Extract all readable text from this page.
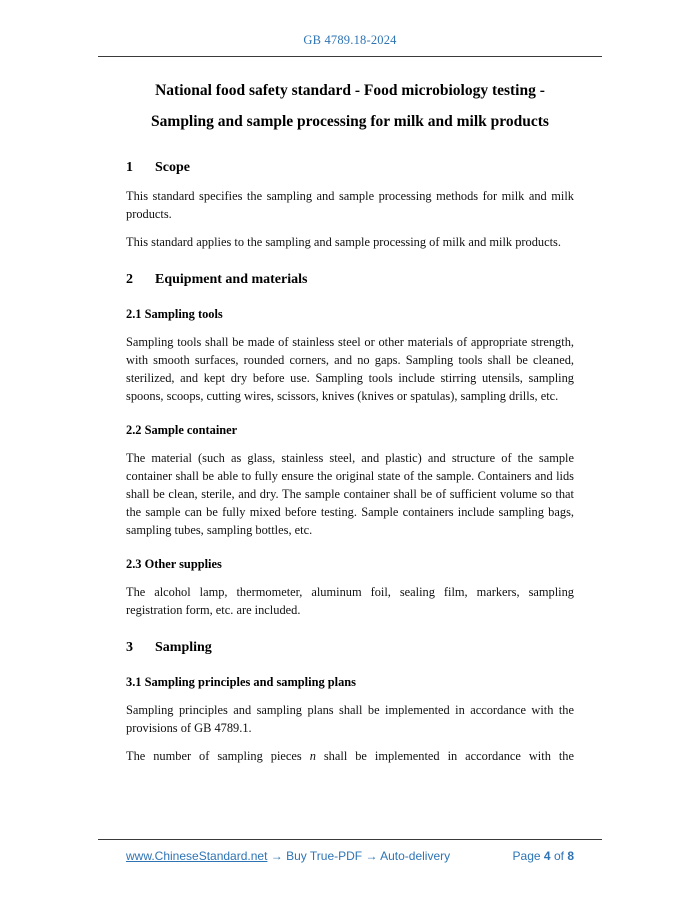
GB 4789.18-2024
National food safety standard - Food microbiology testing -
Sampling and sample processing for milk and milk products
1 Scope

This standard specifies the sampling and sample processing methods for milk and milk products.

This standard applies to the sampling and sample processing of milk and milk products.

2 Equipment and materials
2.1 Sampling tools

Sampling tools shall be made of stainless steel or other materials of appropriate strength, with smooth surfaces, rounded corners, and no gaps. Sampling tools shall be cleaned, sterilized, and kept dry before use. Sampling tools include stirring utensils, sampling spoons, scoops, cutting wires, scissors, knives (knives or spatulas), sampling drills, etc.

2.2 Sample container

The material (such as glass, stainless steel, and plastic) and structure of the sample container shall be able to fully ensure the original state of the sample. Containers and lids shall be clean, sterile, and dry. The sample container shall be of sufficient volume so that the sample can be fully mixed before testing. Sample containers include sampling bags, sampling tubes, sampling bottles, etc.

2.3 Other supplies

The alcohol lamp, thermometer, aluminum foil, sealing film, markers, sampling registration form, etc. are included.

3 Sampling
3.1 Sampling principles and sampling plans

Sampling principles and sampling plans shall be implemented in accordance with the provisions of GB 4789.1.

The number of sampling pieces n shall be implemented in accordance with the

www.ChineseStandard.net → Buy True-PDF → Auto-delivery	Page 4 of 8
